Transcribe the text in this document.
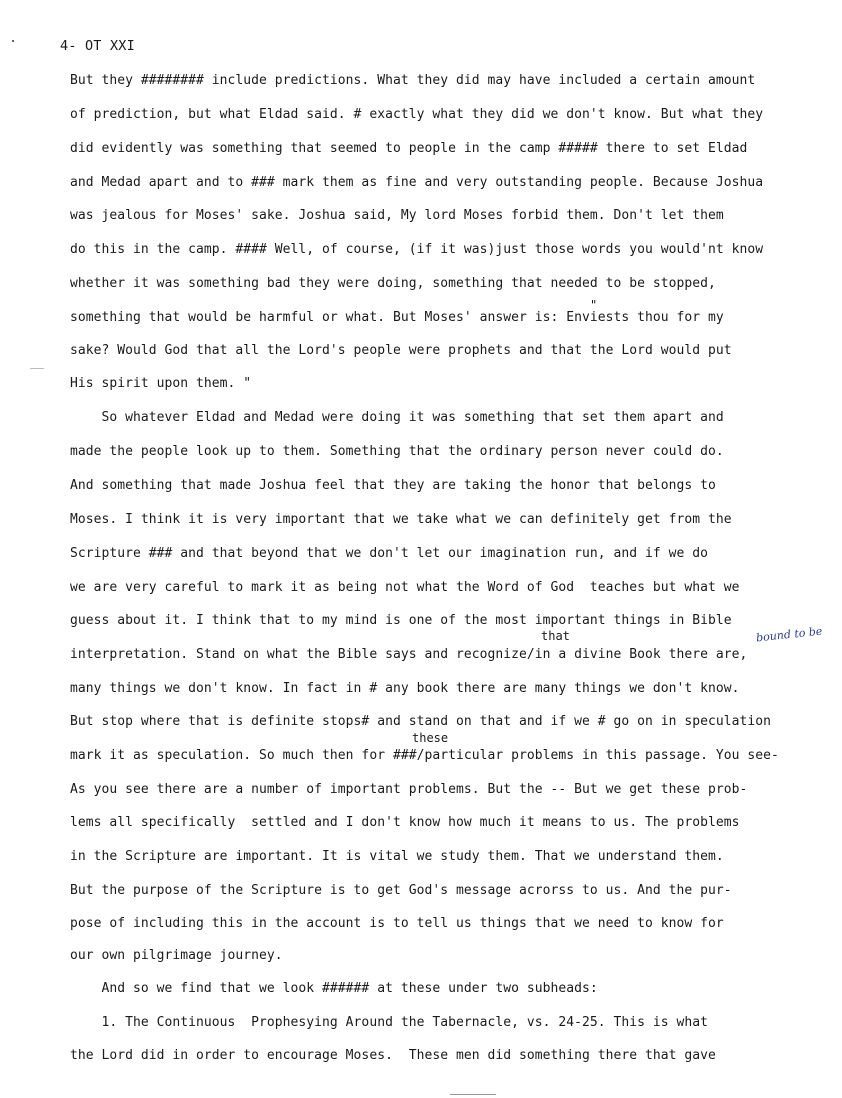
4- OT XXI
"
that
these
bound to be
But they ######## include predictions. What they did may have included a certain amount
of prediction, but what Eldad said. # exactly what they did we don't know. But what they
did evidently was something that seemed to people in the camp ##### there to set Eldad
and Medad apart and to ### mark them as fine and very outstanding people. Because Joshua
was jealous for Moses' sake. Joshua said, My lord Moses forbid them. Don't let them
do this in the camp. #### Well, of course, (if it was)just those words you would'nt know
whether it was something bad they were doing, something that needed to be stopped,
something that would be harmful or what. But Moses' answer is: Enviests thou for my
sake? Would God that all the Lord's people were prophets and that the Lord would put
His spirit upon them. "
So whatever Eldad and Medad were doing it was something that set them apart and
made the people look up to them. Something that the ordinary person never could do.
And something that made Joshua feel that they are taking the honor that belongs to
Moses. I think it is very important that we take what we can definitely get from the
Scripture ### and that beyond that we don't let our imagination run, and if we do
we are very careful to mark it as being not what the Word of God  teaches but what we
guess about it. I think that to my mind is one of the most important things in Bible
interpretation. Stand on what the Bible says and recognize/in a divine Book there are,
many things we don't know. In fact in # any book there are many things we don't know.
But stop where that is definite stops# and stand on that and if we # go on in speculation
mark it as speculation. So much then for ###/particular problems in this passage. You see-
As you see there are a number of important problems. But the -- But we get these prob-
lems all specifically  settled and I don't know how much it means to us. The problems
in the Scripture are important. It is vital we study them. That we understand them.
But the purpose of the Scripture is to get God's message acrorss to us. And the pur-
pose of including this in the account is to tell us things that we need to know for
our own pilgrimage journey.
And so we find that we look ###### at these under two subheads:
1. The Continuous  Prophesying Around the Tabernacle, vs. 24-25. This is what
the Lord did in order to encourage Moses.  These men did something there that gave
